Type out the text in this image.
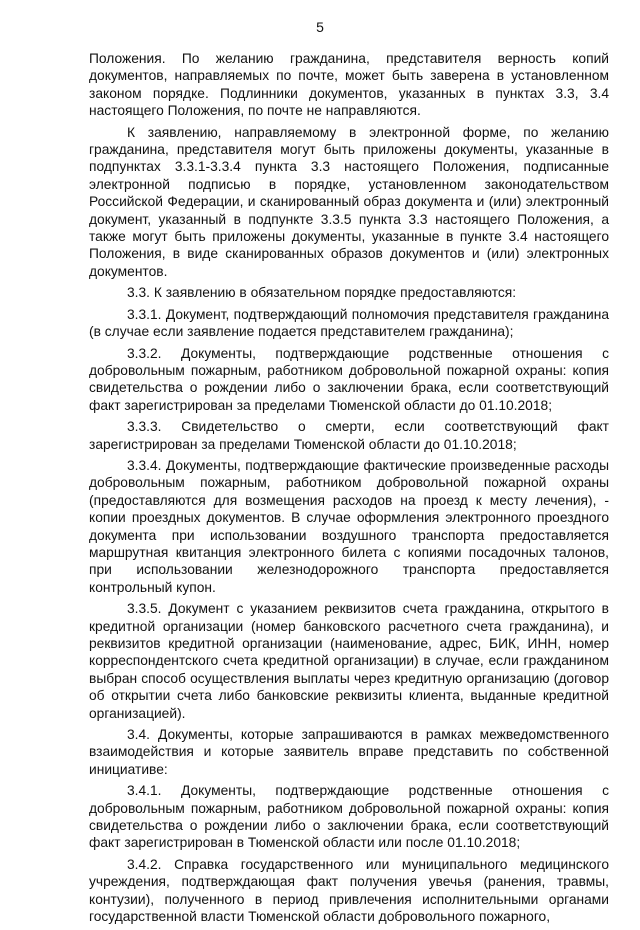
5

Положения. По желанию гражданина, представителя верность копий документов, направляемых по почте, может быть заверена в установленном законом порядке. Подлинники документов, указанных в пунктах 3.3, 3.4 настоящего Положения, по почте не направляются.

К заявлению, направляемому в электронной форме, по желанию гражданина, представителя могут быть приложены документы, указанные в подпунктах 3.3.1-3.3.4 пункта 3.3 настоящего Положения, подписанные электронной подписью в порядке, установленном законодательством Российской Федерации, и сканированный образ документа и (или) электронный документ, указанный в подпункте 3.3.5 пункта 3.3 настоящего Положения, а также могут быть приложены документы, указанные в пункте 3.4 настоящего Положения, в виде сканированных образов документов и (или) электронных документов.

3.3. К заявлению в обязательном порядке предоставляются:

3.3.1. Документ, подтверждающий полномочия представителя гражданина (в случае если заявление подается представителем гражданина);

3.3.2. Документы, подтверждающие родственные отношения с добровольным пожарным, работником добровольной пожарной охраны: копия свидетельства о рождении либо о заключении брака, если соответствующий факт зарегистрирован за пределами Тюменской области до 01.10.2018;

3.3.3. Свидетельство о смерти, если соответствующий факт зарегистрирован за пределами Тюменской области до 01.10.2018;

3.3.4. Документы, подтверждающие фактические произведенные расходы добровольным пожарным, работником добровольной пожарной охраны (предоставляются для возмещения расходов на проезд к месту лечения), - копии проездных документов. В случае оформления электронного проездного документа при использовании воздушного транспорта предоставляется маршрутная квитанция электронного билета с копиями посадочных талонов, при использовании железнодорожного транспорта предоставляется контрольный купон.

3.3.5. Документ с указанием реквизитов счета гражданина, открытого в кредитной организации (номер банковского расчетного счета гражданина), и реквизитов кредитной организации (наименование, адрес, БИК, ИНН, номер корреспондентского счета кредитной организации) в случае, если гражданином выбран способ осуществления выплаты через кредитную организацию (договор об открытии счета либо банковские реквизиты клиента, выданные кредитной организацией).

3.4. Документы, которые запрашиваются в рамках межведомственного взаимодействия и которые заявитель вправе представить по собственной инициативе:

3.4.1. Документы, подтверждающие родственные отношения с добровольным пожарным, работником добровольной пожарной охраны: копия свидетельства о рождении либо о заключении брака, если соответствующий факт зарегистрирован в Тюменской области или после 01.10.2018;

3.4.2. Справка государственного или муниципального медицинского учреждения, подтверждающая факт получения увечья (ранения, травмы, контузии), полученного в период привлечения исполнительными органами государственной власти Тюменской области добровольного пожарного,
